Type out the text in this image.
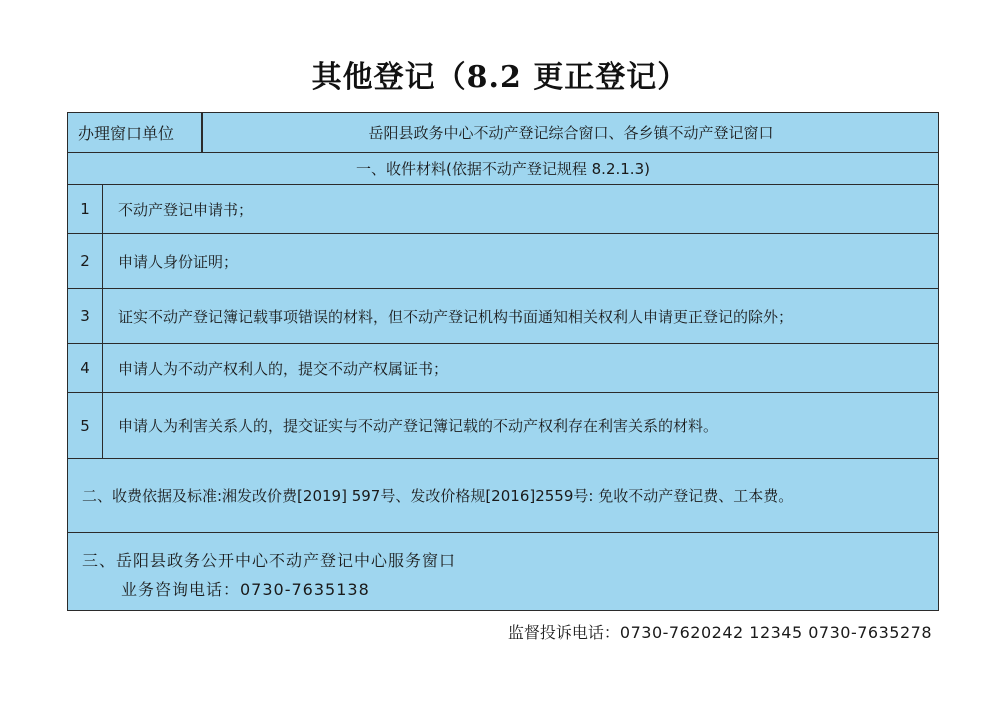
其他登记（8.2 更正登记）
办理窗口单位	岳阳县政务中心不动产登记综合窗口、各乡镇不动产登记窗口
一、收件材料(依据不动产登记规程 8.2.1.3)
1	不动产登记申请书；
2	申请人身份证明；
3	证实不动产登记簿记载事项错误的材料，但不动产登记机构书面通知相关权利人申请更正登记的除外；
4	申请人为不动产权利人的，提交不动产权属证书；
5	申请人为利害关系人的，提交证实与不动产登记簿记载的不动产权利存在利害关系的材料。
二、收费依据及标准:湘发改价费[2019] 597号、发改价格规[2016]2559号: 免收不动产登记费、工本费。
三、岳阳县政务公开中心不动产登记中心服务窗口
业务咨询电话：0730-7635138
监督投诉电话：0730-7620242 12345 0730-7635278
